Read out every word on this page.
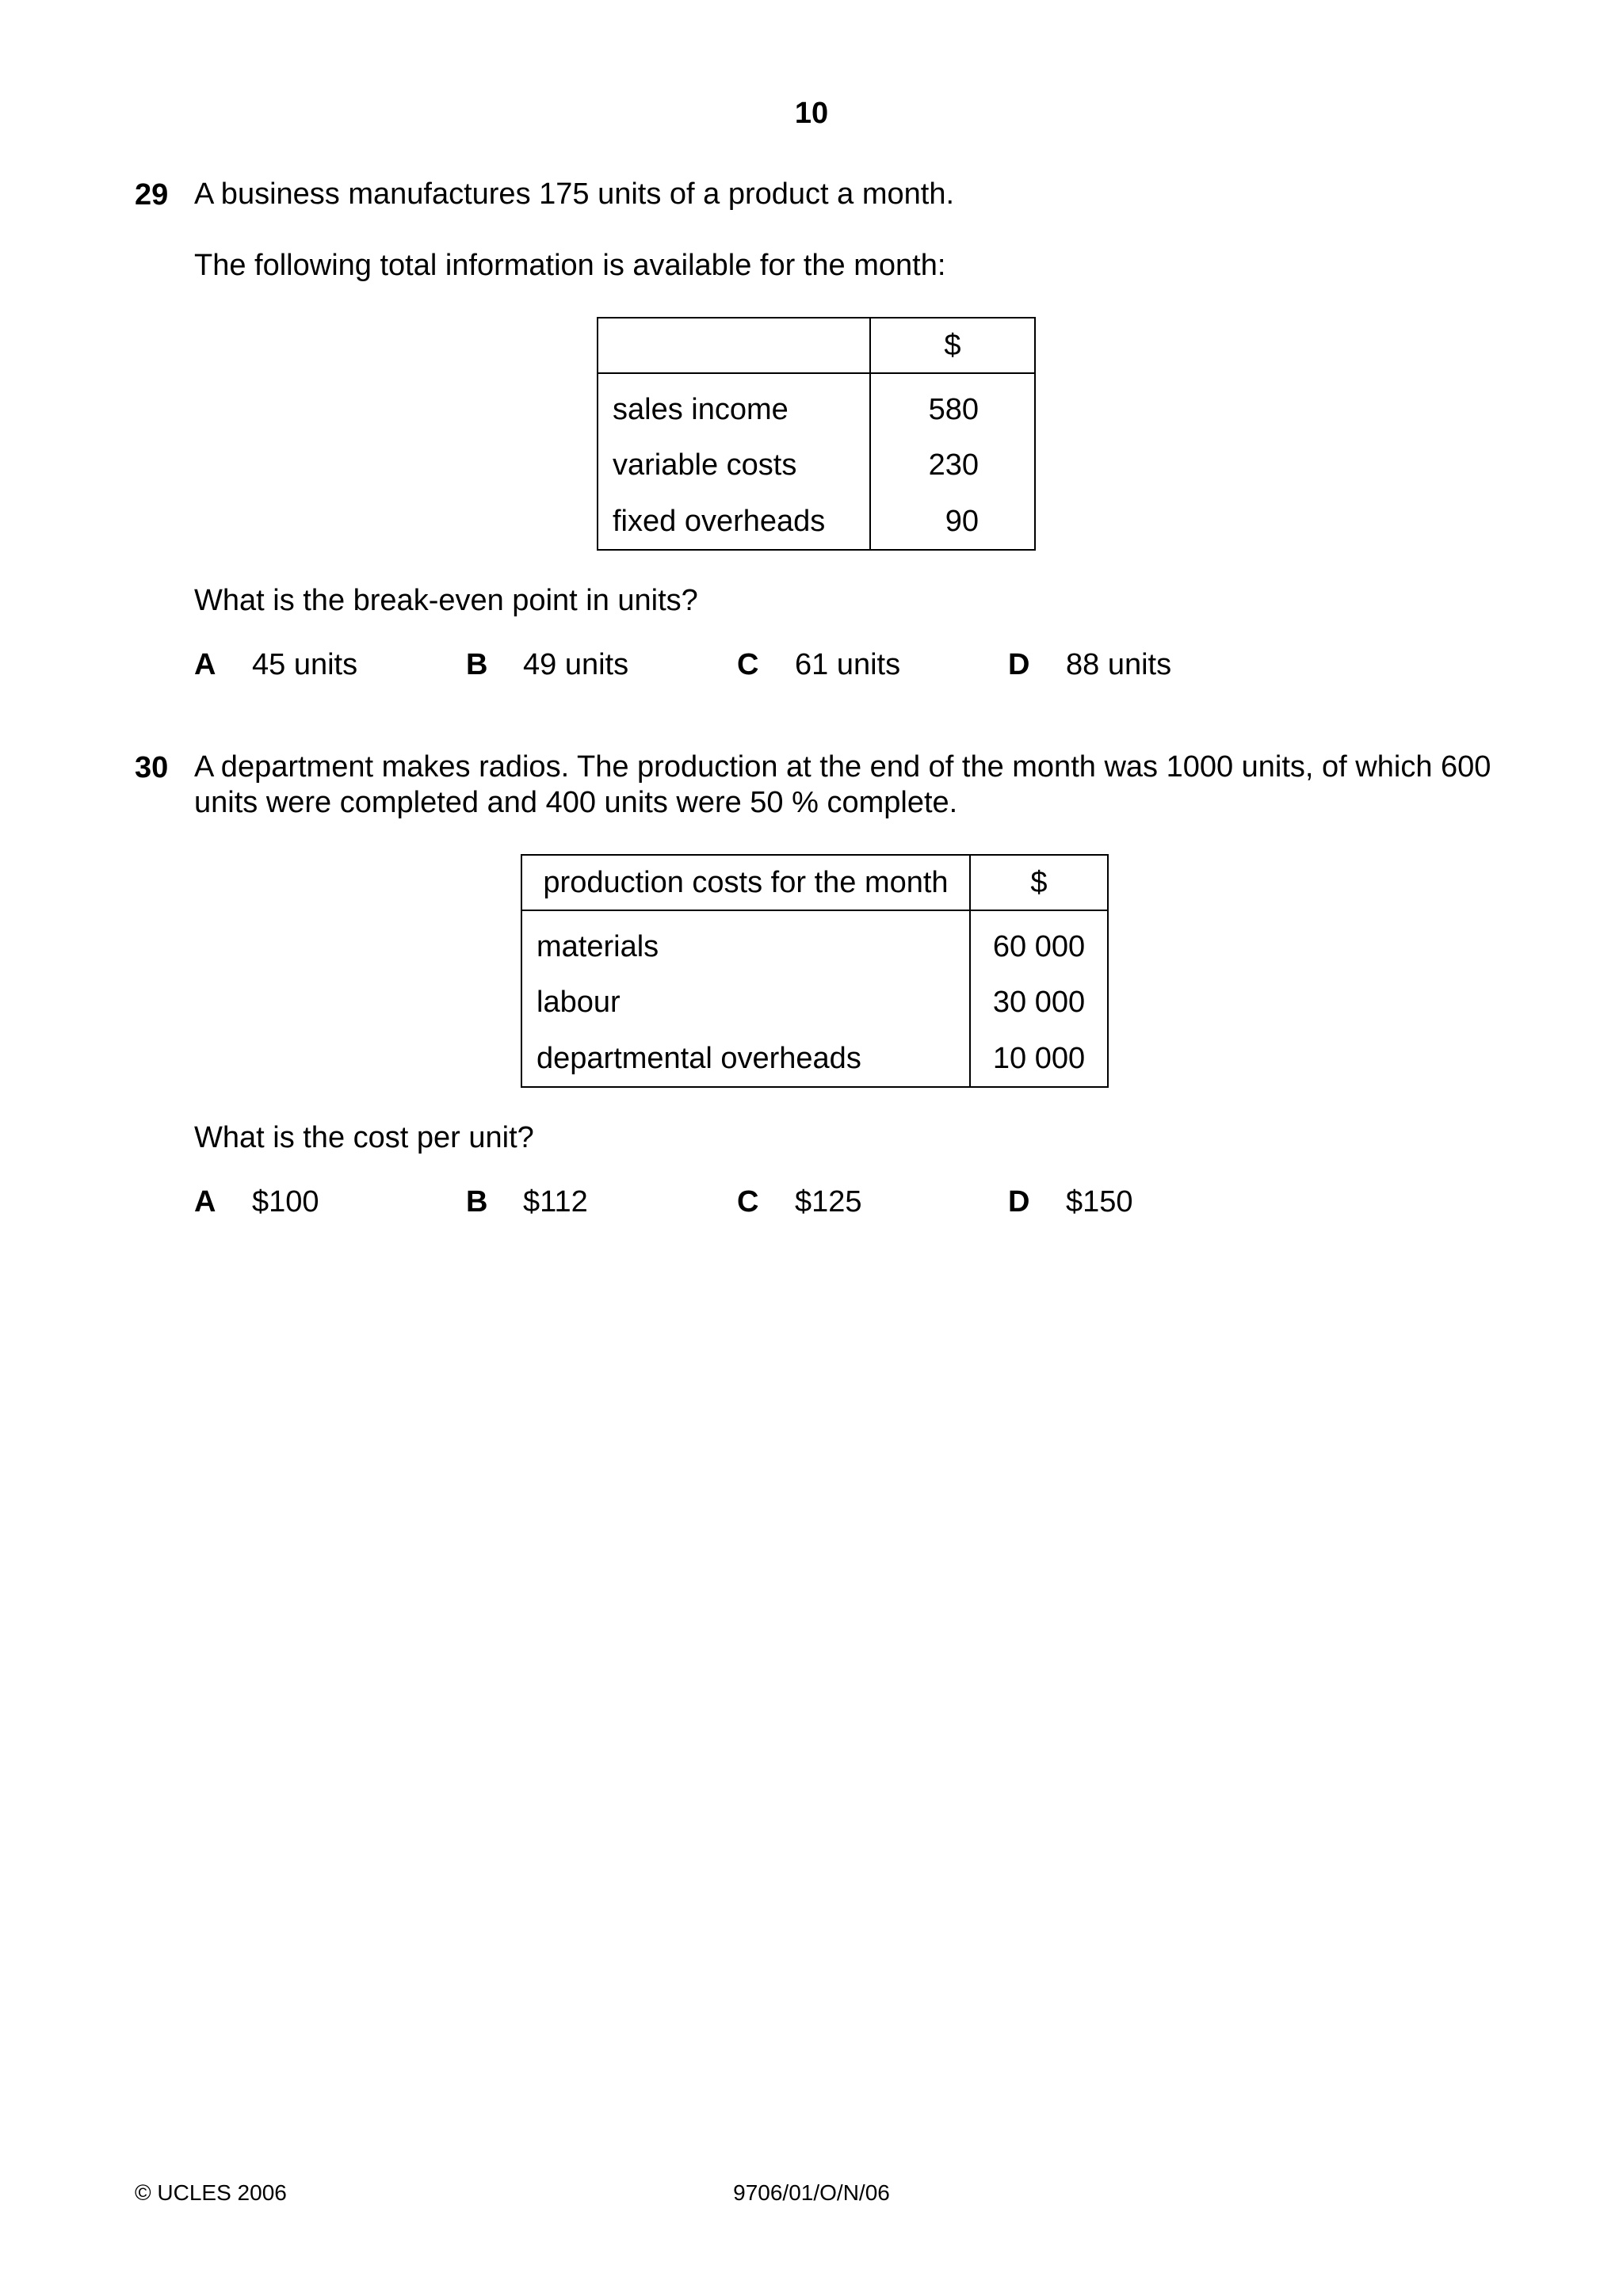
10
29 A business manufactures 175 units of a product a month.
The following total information is available for the month:
	$
sales income	580
variable costs	230
fixed overheads	90
What is the break-even point in units?
A 45 units	B 49 units	C 61 units	D 88 units
30 A department makes radios. The production at the end of the month was 1000 units, of which 600
units were completed and 400 units were 50 % complete.
production costs for the month	$
materials	60 000
labour	30 000
departmental overheads	10 000
What is the cost per unit?
A $100	B $112	C $125	D $150
© UCLES 2006	9706/01/O/N/06
